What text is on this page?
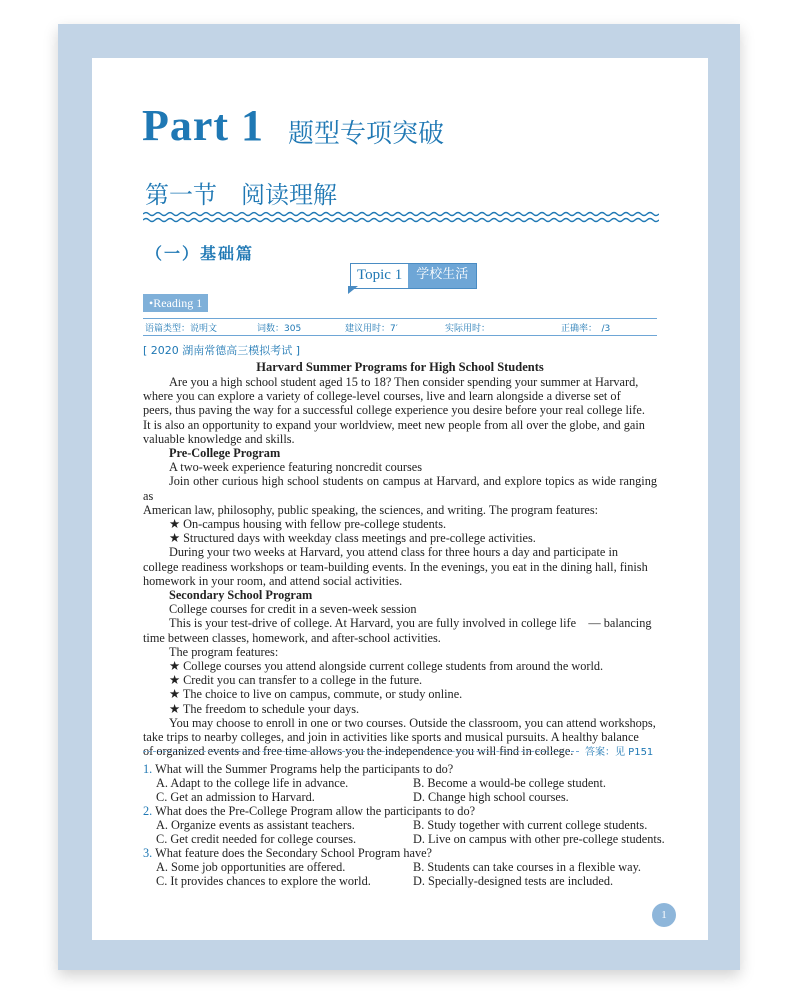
Part 1 题型专项突破
第一节　阅读理解
（一）基础篇
Topic 1	学校生活
•Reading 1
语篇类型：说明文	词数：305	建议用时：7′	实际用时：	正确率：　/3
[ 2020 湖南常德高三模拟考试 ]
Harvard Summer Programs for High School Students
Are you a high school student aged 15 to 18? Then consider spending your summer at Harvard,
where you can explore a variety of college-level courses, live and learn alongside a diverse set of
peers, thus paving the way for a successful college experience you desire before your real college life.
It is also an opportunity to expand your worldview, meet new people from all over the globe, and gain
valuable knowledge and skills.
Pre-College Program
A two-week experience featuring noncredit courses
Join other curious high school students on campus at Harvard, and explore topics as wide ranging as
American law, philosophy, public speaking, the sciences, and writing. The program features:
★ On-campus housing with fellow pre-college students.
★ Structured days with weekday class meetings and pre-college activities.
During your two weeks at Harvard, you attend class for three hours a day and participate in
college readiness workshops or team-building events. In the evenings, you eat in the dining hall, finish
homework in your room, and attend social activities.
Secondary School Program
College courses for credit in a seven-week session
This is your test-drive of college. At Harvard, you are fully involved in college life　— balancing
time between classes, homework, and after-school activities.
The program features:
★ College courses you attend alongside current college students from around the world.
★ Credit you can transfer to a college in the future.
★ The choice to live on campus, commute, or study online.
★ The freedom to schedule your days.
You may choose to enroll in one or two courses. Outside the classroom, you can attend workshops,
take trips to nearby colleges, and join in activities like sports and musical pursuits. A healthy balance
of organized events and free time allows you the independence you will find in college.	答案：见 P151
1. What will the Summer Programs help the participants to do?
A. Adapt to the college life in advance.	B. Become a would-be college student.
C. Get an admission to Harvard.	D. Change high school courses.
2. What does the Pre-College Program allow the participants to do?
A. Organize events as assistant teachers.	B. Study together with current college students.
C. Get credit needed for college courses.	D. Live on campus with other pre-college students.
3. What feature does the Secondary School Program have?
A. Some job opportunities are offered.	B. Students can take courses in a flexible way.
C. It provides chances to explore the world.	D. Specially-designed tests are included.
1
